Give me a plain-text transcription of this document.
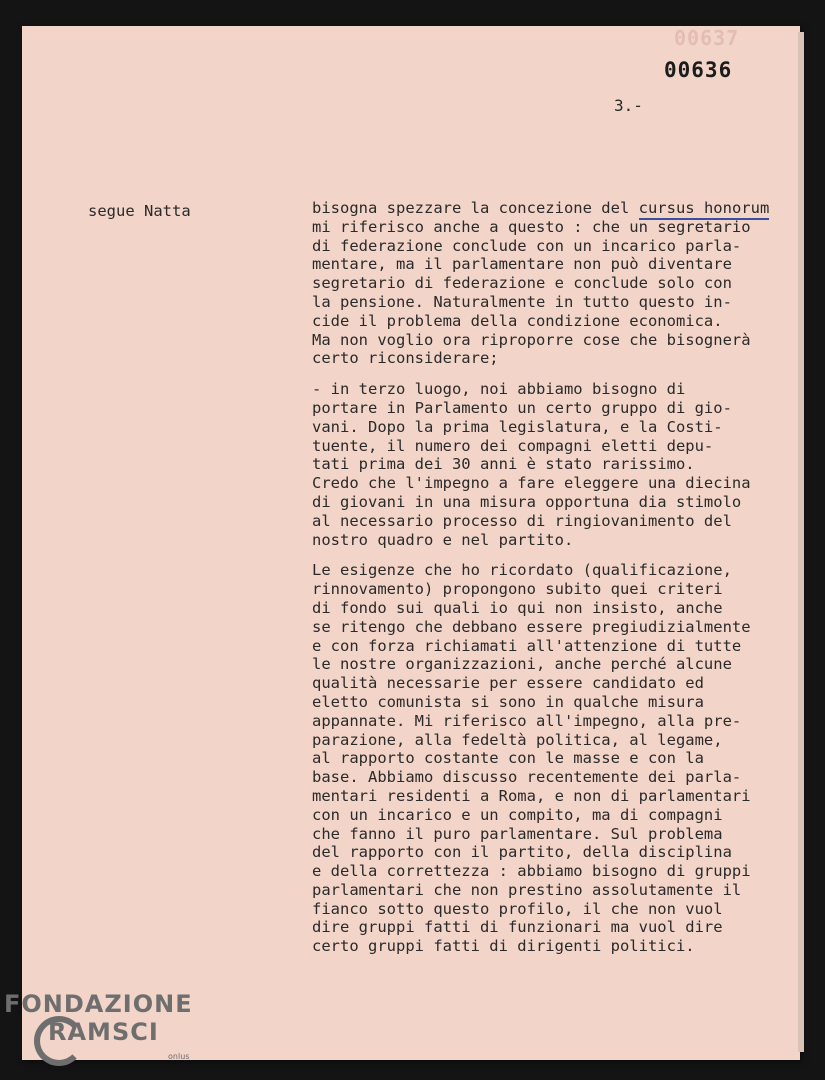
00637
00636
3.-
segue Natta	bisogna spezzare la concezione del cursus honorum
mi riferisco anche a questo : che un segretario
di federazione conclude con un incarico parla-
mentare, ma il parlamentare non può diventare
segretario di federazione e conclude solo con
la pensione. Naturalmente in tutto questo in-
cide il problema della condizione economica.
Ma non voglio ora riproporre cose che bisognerà
certo riconsiderare;

- in terzo luogo, noi abbiamo bisogno di
portare in Parlamento un certo gruppo di gio-
vani. Dopo la prima legislatura, e la Costi-
tuente, il numero dei compagni eletti depu-
tati prima dei 30 anni è stato rarissimo.
Credo che l'impegno a fare eleggere una diecina
di giovani in una misura opportuna dia stimolo
al necessario processo di ringiovanimento del
nostro quadro e nel partito.

Le esigenze che ho ricordato (qualificazione,
rinnovamento) propongono subito quei criteri
di fondo sui quali io qui non insisto, anche
se ritengo che debbano essere pregiudizialmente
e con forza richiamati all'attenzione di tutte
le nostre organizzazioni, anche perché alcune
qualità necessarie per essere candidato ed
eletto comunista si sono in qualche misura
appannate. Mi riferisco all'impegno, alla pre-
parazione, alla fedeltà politica, al legame,
al rapporto costante con le masse e con la
base. Abbiamo discusso recentemente dei parla-
mentari residenti a Roma, e non di parlamentari
con un incarico e un compito, ma di compagni
che fanno il puro parlamentare. Sul problema
del rapporto con il partito, della disciplina
e della correttezza : abbiamo bisogno di gruppi
parlamentari che non prestino assolutamente il
fianco sotto questo profilo, il che non vuol
dire gruppi fatti di funzionari ma vuol dire
certo gruppi fatti di dirigenti politici.

FONDAZIONE
RAMSCI
onlus
